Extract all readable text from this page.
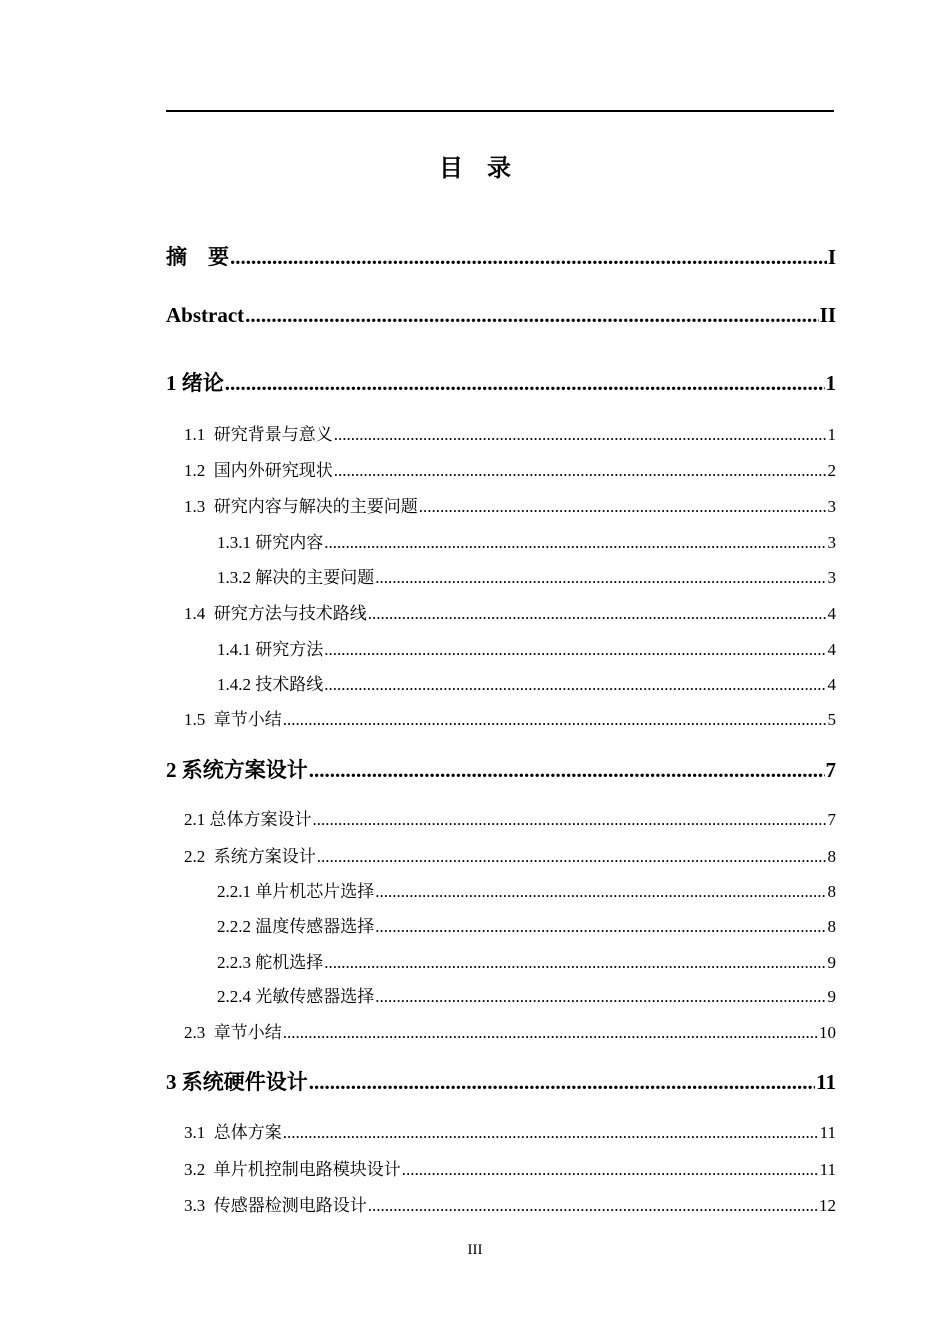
目    录
摘    要 .....	I
Abstract .....	II
1 绪论 .....	1
1.1  研究背景与意义 .....	1
1.2  国内外研究现状 .....	2
1.3  研究内容与解决的主要问题 .....	3
1.3.1 研究内容 .....	3
1.3.2 解决的主要问题 .....	3
1.4  研究方法与技术路线 .....	4
1.4.1 研究方法 .....	4
1.4.2 技术路线 .....	4
1.5  章节小结 .....	5
2 系统方案设计 .....	7
2.1 总体方案设计 .....	7
2.2  系统方案设计 .....	8
2.2.1 单片机芯片选择 .....	8
2.2.2 温度传感器选择 .....	8
2.2.3 舵机选择 .....	9
2.2.4 光敏传感器选择 .....	9
2.3  章节小结 .....	10
3 系统硬件设计 .....	11
3.1  总体方案 .....	11
3.2  单片机控制电路模块设计 .....	11
3.3  传感器检测电路设计 .....	12
III
